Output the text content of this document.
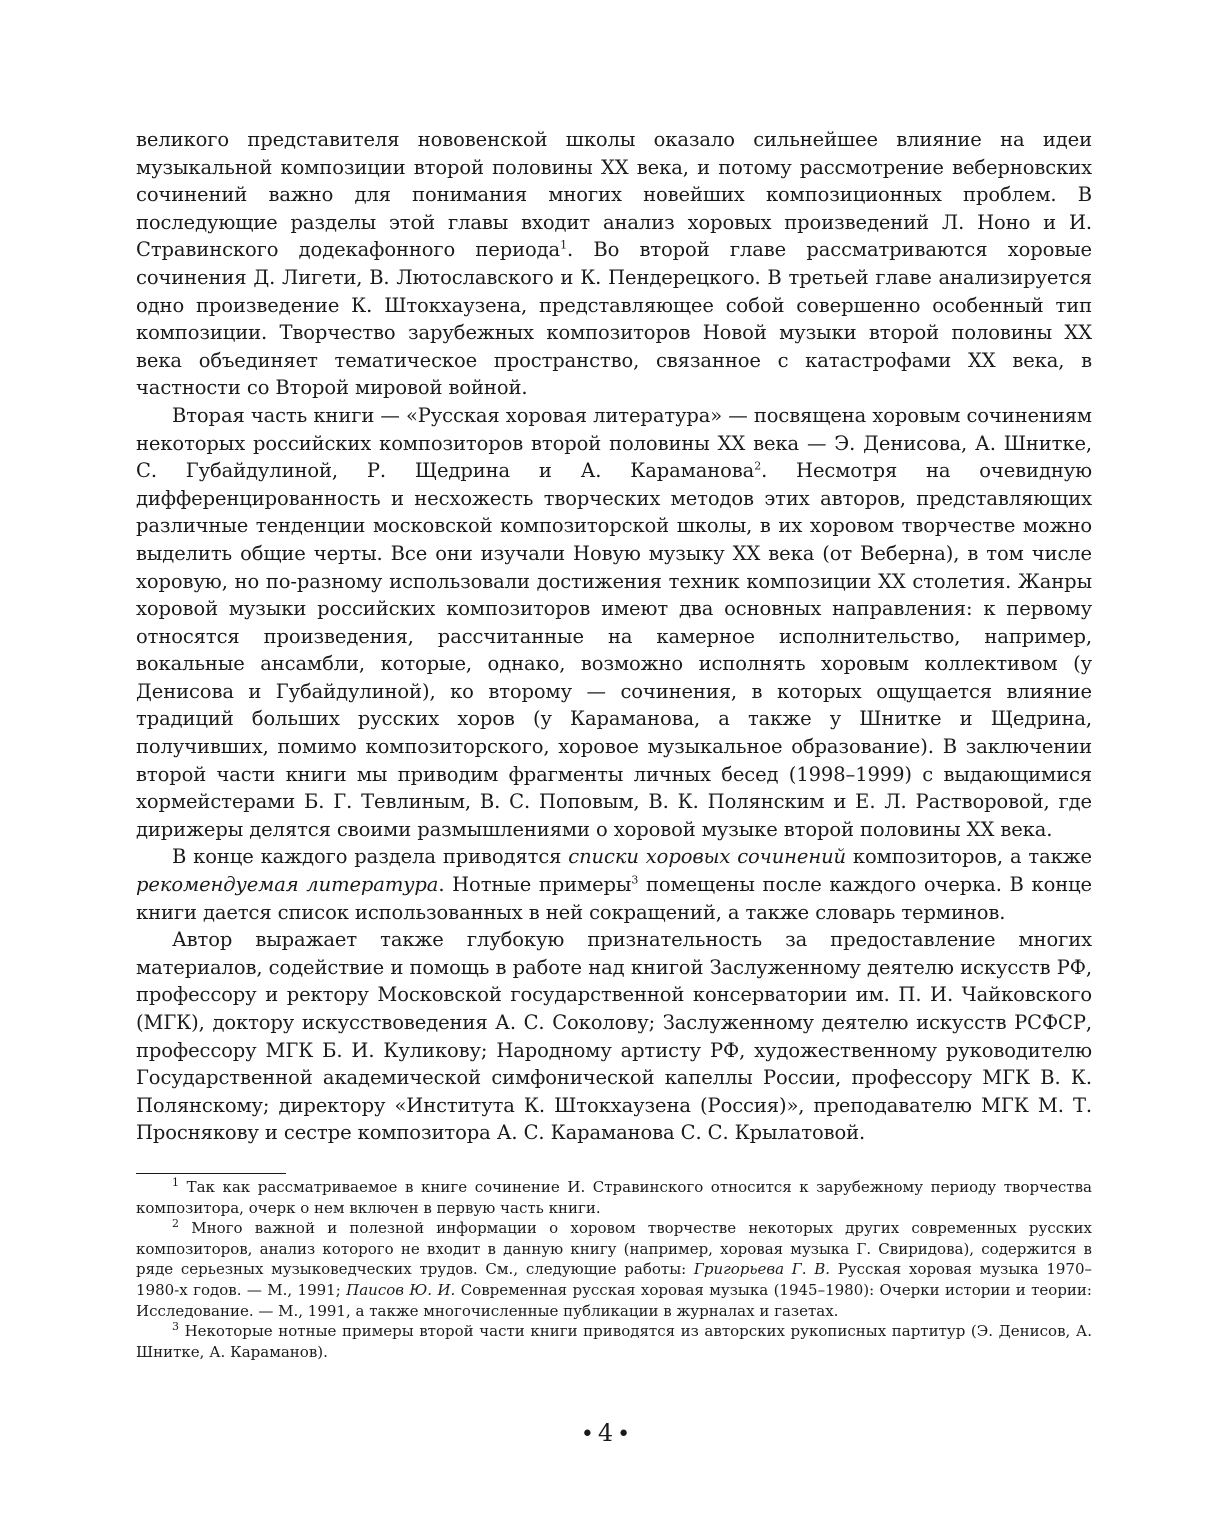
великого представителя нововенской школы оказало сильнейшее влияние на идеи музыкальной композиции второй половины XX века, и потому рассмотрение веберновских сочинений важно для понимания многих новейших композиционных проблем. В последующие разделы этой главы входит анализ хоровых произведений Л. Ноно и И. Стравинского додекафонного периода$^1$. Во второй главе рассматриваются хоровые сочинения Д. Лигети, В. Лютославского и К. Пендерецкого. В третьей главе анализируется одно произведение К. Штокхаузена, представляющее собой совершенно особенный тип композиции. Творчество зарубежных композиторов Новой музыки второй половины XX века объединяет тематическое пространство, связанное с катастрофами XX века, в частности со Второй мировой войной.

Вторая часть книги — «Русская хоровая литература» — посвящена хоровым сочинениям некоторых российских композиторов второй половины XX века — Э. Денисова, А. Шнитке, С. Губайдулиной, Р. Щедрина и А. Караманова$^2$. Несмотря на очевидную дифференцированность и несхожесть творческих методов этих авторов, представляющих различные тенденции московской композиторской школы, в их хоровом творчестве можно выделить общие черты. Все они изучали Новую музыку XX века (от Веберна), в том числе хоровую, но по-разному использовали достижения техник композиции XX столетия. Жанры хоровой музыки российских композиторов имеют два основных направления: к первому относятся произведения, рассчитанные на камерное исполнительство, например, вокальные ансамбли, которые, однако, возможно исполнять хоровым коллективом (у Денисова и Губайдулиной), ко второму — сочинения, в которых ощущается влияние традиций больших русских хоров (у Караманова, а также у Шнитке и Щедрина, получивших, помимо композиторского, хоровое музыкальное образование). В заключении второй части книги мы приводим фрагменты личных бесед (1998–1999) с выдающимися хормейстерами Б. Г. Тевлиным, В. С. Поповым, В. К. Полянским и Е. Л. Растворовой, где дирижеры делятся своими размышлениями о хоровой музыке второй половины XX века.

В конце каждого раздела приводятся списки хоровых сочинений композиторов, а также рекомендуемая литература. Нотные примеры$^3$ помещены после каждого очерка. В конце книги дается список использованных в ней сокращений, а также словарь терминов.

Автор выражает также глубокую признательность за предоставление многих материалов, содействие и помощь в работе над книгой Заслуженному деятелю искусств РФ, профессору и ректору Московской государственной консерватории им. П. И. Чайковского (МГК), доктору искусствоведения А. С. Соколову; Заслуженному деятелю искусств РСФСР, профессору МГК Б. И. Куликову; Народному артисту РФ, художественному руководителю Государственной академической симфонической капеллы России, профессору МГК В. К. Полянскому; директору «Института К. Штокхаузена (Россия)», преподавателю МГК М. Т. Проснякову и сестре композитора А. С. Караманова С. С. Крылатовой.

$^1$ Так как рассматриваемое в книге сочинение И. Стравинского относится к зарубежному периоду творчества композитора, очерк о нем включен в первую часть книги.

$^2$ Много важной и полезной информации о хоровом творчестве некоторых других современных русских композиторов, анализ которого не входит в данную книгу (например, хоровая музыка Г. Свиридова), содержится в ряде серьезных музыковедческих трудов. См., следующие работы: Григорьева Г. В. Русская хоровая музыка 1970–1980-х годов. — М., 1991; Паисов Ю. И. Современная русская хоровая музыка (1945–1980): Очерки истории и теории: Исследование. — М., 1991, а также многочисленные публикации в журналах и газетах.

$^3$ Некоторые нотные примеры второй части книги приводятся из авторских рукописных партитур (Э. Денисов, А. Шнитке, А. Караманов).

• 4 •
